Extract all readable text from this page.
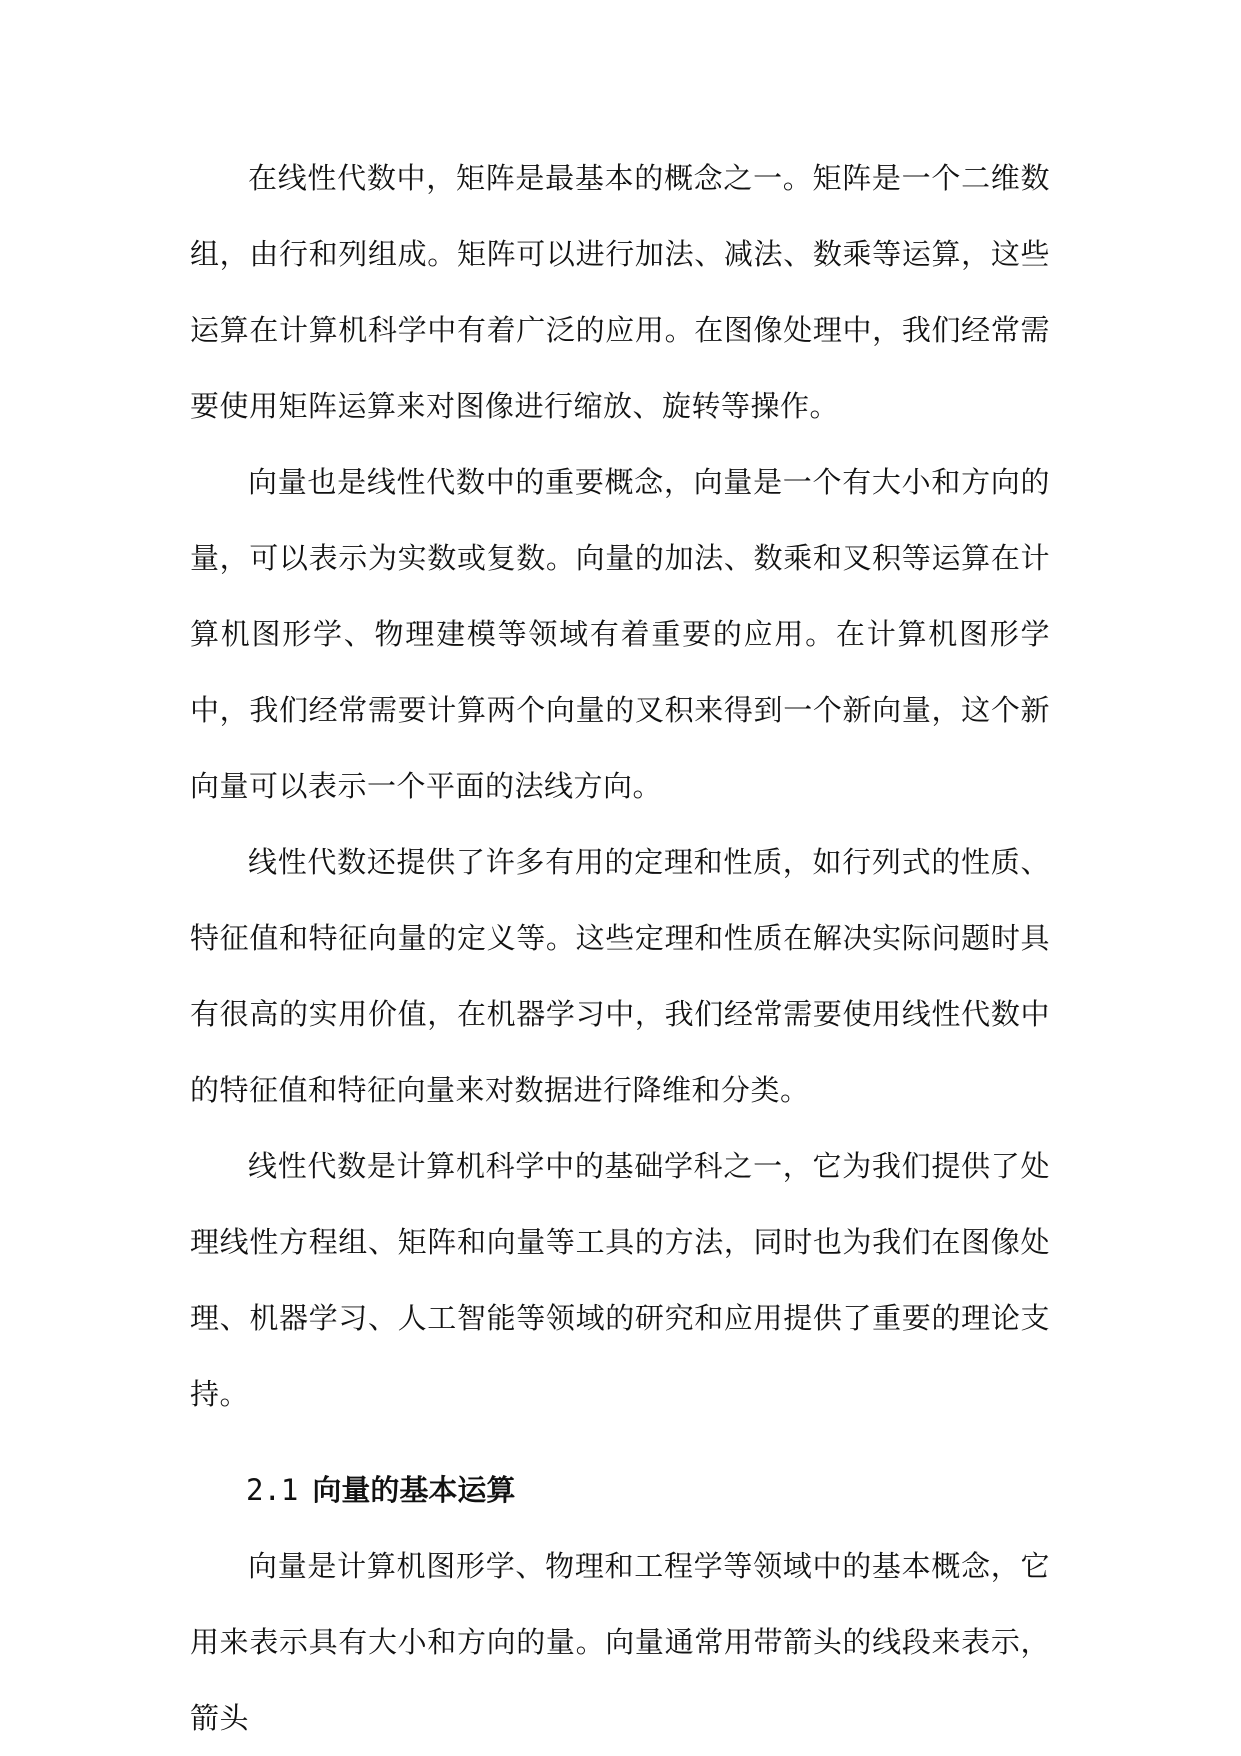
在线性代数中，矩阵是最基本的概念之一。矩阵是一个二维数组，由行和列组成。矩阵可以进行加法、减法、数乘等运算，这些运算在计算机科学中有着广泛的应用。在图像处理中，我们经常需要使用矩阵运算来对图像进行缩放、旋转等操作。

向量也是线性代数中的重要概念，向量是一个有大小和方向的量，可以表示为实数或复数。向量的加法、数乘和叉积等运算在计算机图形学、物理建模等领域有着重要的应用。在计算机图形学中，我们经常需要计算两个向量的叉积来得到一个新向量，这个新向量可以表示一个平面的法线方向。

线性代数还提供了许多有用的定理和性质，如行列式的性质、特征值和特征向量的定义等。这些定理和性质在解决实际问题时具有很高的实用价值，在机器学习中，我们经常需要使用线性代数中的特征值和特征向量来对数据进行降维和分类。

线性代数是计算机科学中的基础学科之一，它为我们提供了处理线性方程组、矩阵和向量等工具的方法，同时也为我们在图像处理、机器学习、人工智能等领域的研究和应用提供了重要的理论支持。

2.1 向量的基本运算

向量是计算机图形学、物理和工程学等领域中的基本概念，它用来表示具有大小和方向的量。向量通常用带箭头的线段来表示，箭头
